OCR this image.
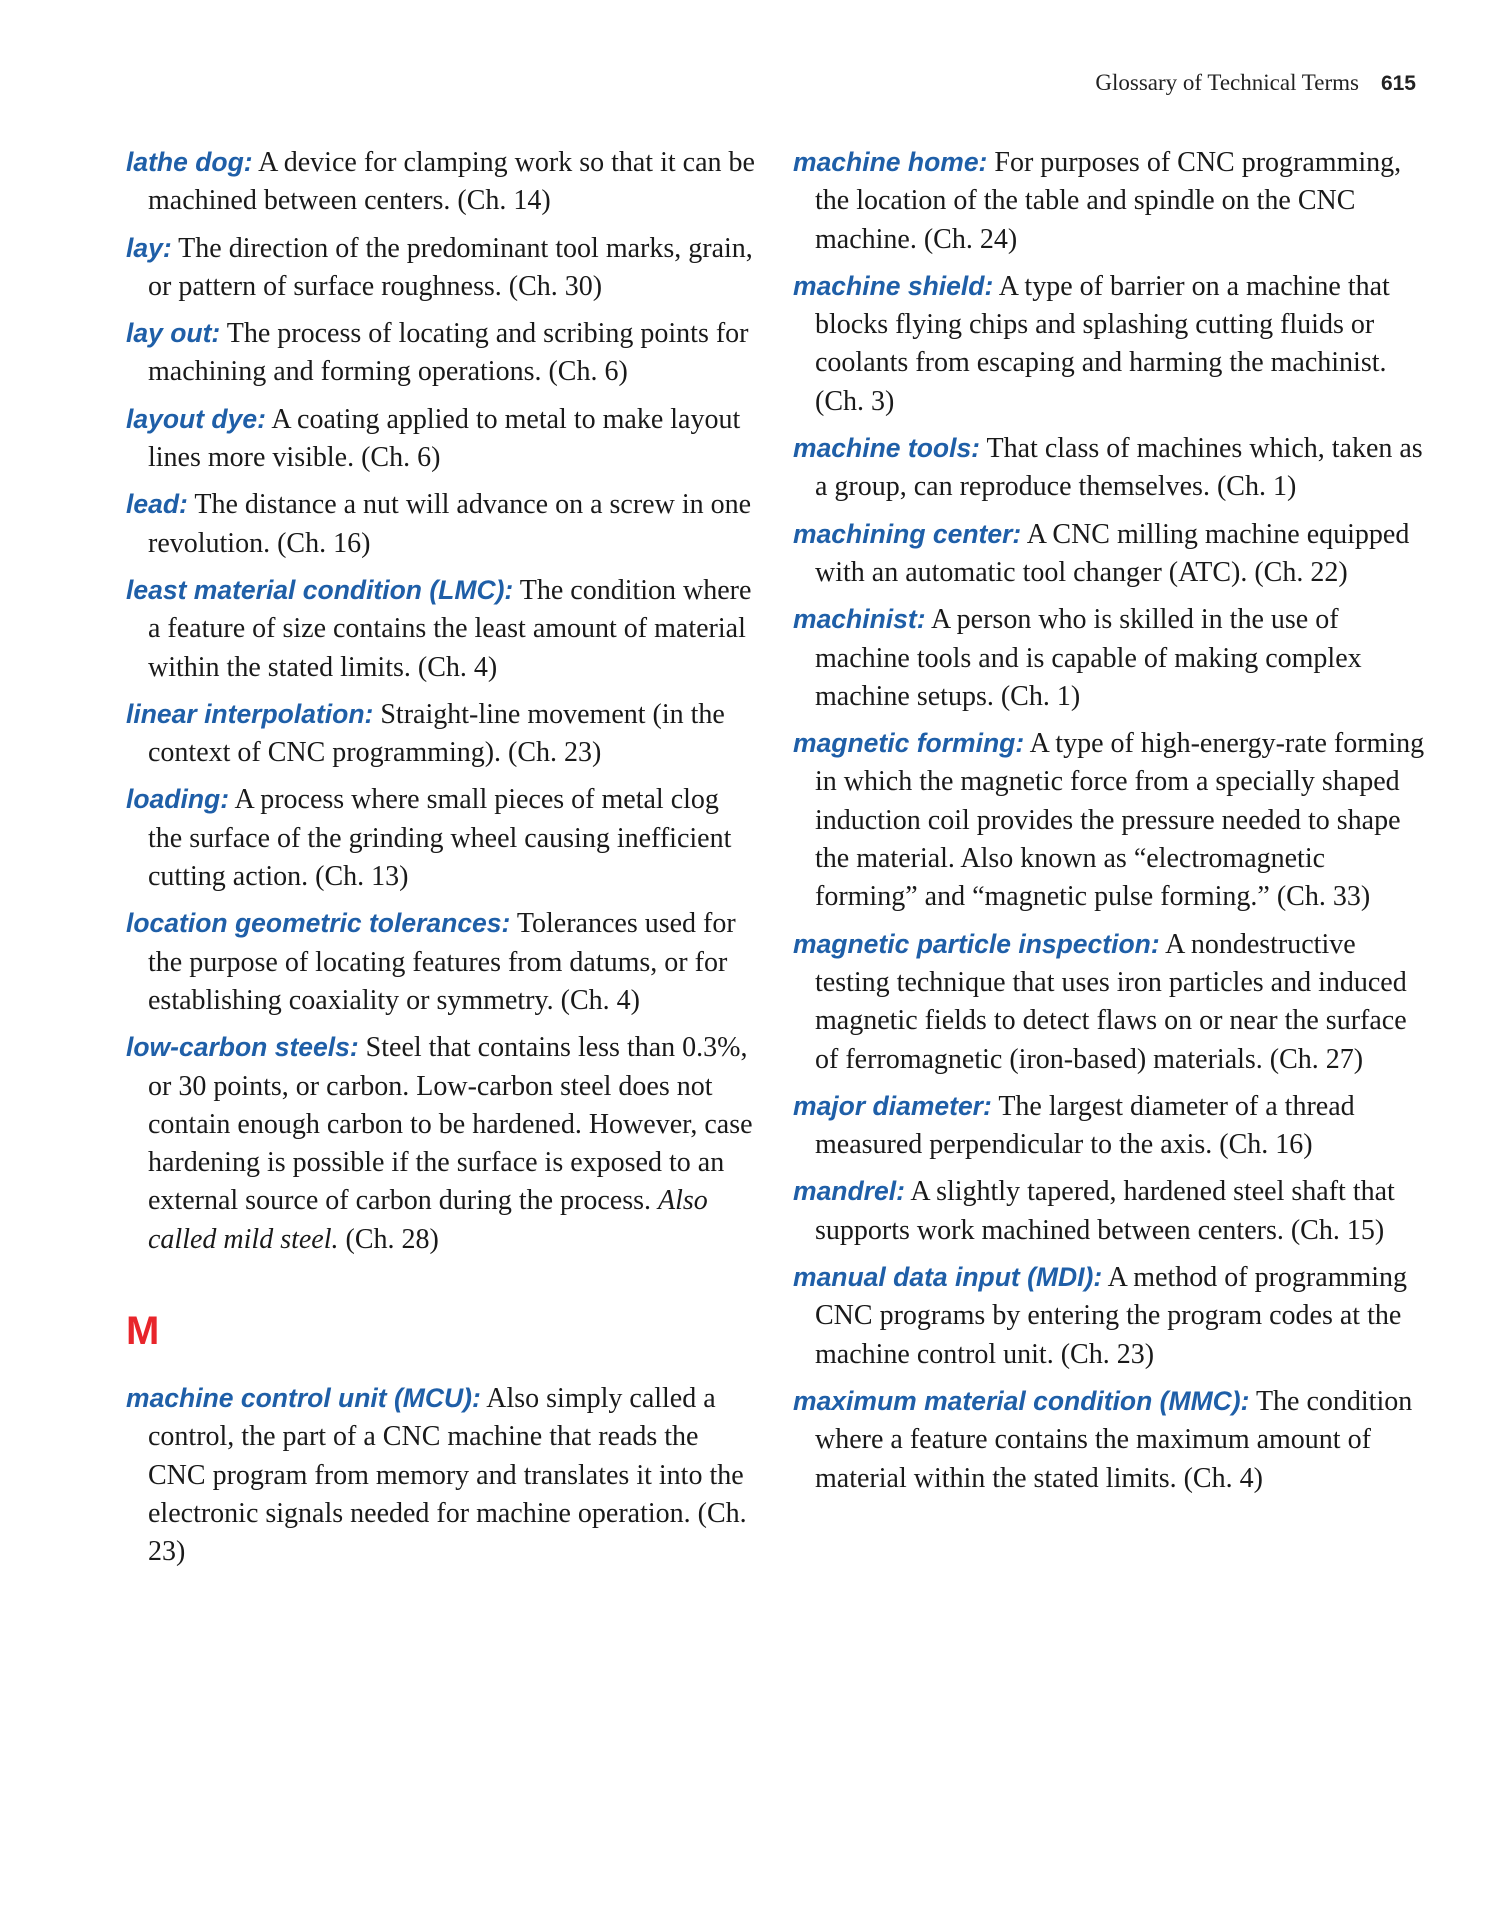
Glossary of Technical Terms 615

lathe dog: A device for clamping work so that it can be machined between centers. (Ch. 14)

lay: The direction of the predominant tool marks, grain, or pattern of surface roughness. (Ch. 30)

lay out: The process of locating and scribing points for machining and forming operations. (Ch. 6)

layout dye: A coating applied to metal to make layout lines more visible. (Ch. 6)

lead: The distance a nut will advance on a screw in one revolution. (Ch. 16)

least material condition (LMC): The condition where a feature of size contains the least amount of material within the stated limits. (Ch. 4)

linear interpolation: Straight-line movement (in the context of CNC programming). (Ch. 23)

loading: A process where small pieces of metal clog the surface of the grinding wheel causing inefficient cutting action. (Ch. 13)

location geometric tolerances: Tolerances used for the purpose of locating features from datums, or for establishing coaxiality or symmetry. (Ch. 4)

low-carbon steels: Steel that contains less than 0.3%, or 30 points, or carbon. Low-carbon steel does not contain enough carbon to be hardened. However, case hardening is possible if the surface is exposed to an external source of carbon during the process. Also called mild steel. (Ch. 28)

M

machine control unit (MCU): Also simply called a control, the part of a CNC machine that reads the CNC program from memory and translates it into the electronic signals needed for machine operation. (Ch. 23)

machine home: For purposes of CNC programming, the location of the table and spindle on the CNC machine. (Ch. 24)

machine shield: A type of barrier on a machine that blocks flying chips and splashing cutting fluids or coolants from escaping and harming the machinist. (Ch. 3)

machine tools: That class of machines which, taken as a group, can reproduce themselves. (Ch. 1)

machining center: A CNC milling machine equipped with an automatic tool changer (ATC). (Ch. 22)

machinist: A person who is skilled in the use of machine tools and is capable of making complex machine setups. (Ch. 1)

magnetic forming: A type of high-energy-rate forming in which the magnetic force from a specially shaped induction coil provides the pressure needed to shape the material. Also known as “electromagnetic forming” and “magnetic pulse forming.” (Ch. 33)

magnetic particle inspection: A nondestructive testing technique that uses iron particles and induced magnetic fields to detect flaws on or near the surface of ferromagnetic (iron-based) materials. (Ch. 27)

major diameter: The largest diameter of a thread measured perpendicular to the axis. (Ch. 16)

mandrel: A slightly tapered, hardened steel shaft that supports work machined between centers. (Ch. 15)

manual data input (MDI): A method of programming CNC programs by entering the program codes at the machine control unit. (Ch. 23)

maximum material condition (MMC): The condition where a feature contains the maximum amount of material within the stated limits. (Ch. 4)
